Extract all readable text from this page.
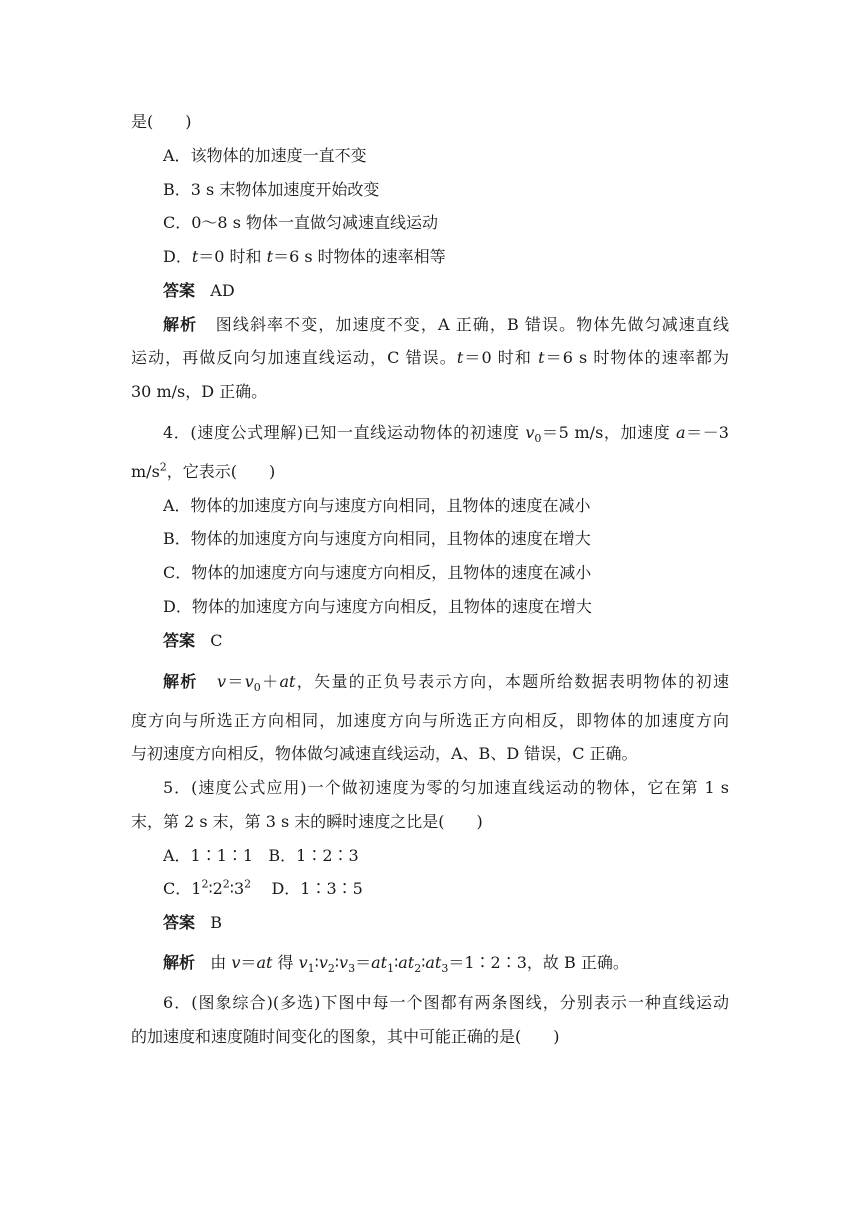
是(　　)
A．该物体的加速度一直不变
B．3 s 末物体加速度开始改变
C．0～8 s 物体一直做匀减速直线运动
D．t＝0 时和 t＝6 s 时物体的速率相等
答案 AD
解析 图线斜率不变，加速度不变，A 正确，B 错误。物体先做匀减速直线
运动，再做反向匀加速直线运动，C 错误。t＝0 时和 t＝6 s 时物体的速率都为
30 m/s，D 正确。
4．(速度公式理解)已知一直线运动物体的初速度 $v_0=5$ m/s，加速度 a＝－3
$m/s^2$，它表示(　　)
A．物体的加速度方向与速度方向相同，且物体的速度在减小
B．物体的加速度方向与速度方向相同，且物体的速度在增大
C．物体的加速度方向与速度方向相反，且物体的速度在减小
D．物体的加速度方向与速度方向相反，且物体的速度在增大
答案 C
解析 $v=v_0+at$，矢量的正负号表示方向，本题所给数据表明物体的初速
度方向与所选正方向相同，加速度方向与所选正方向相反，即物体的加速度方向
与初速度方向相反，物体做匀减速直线运动，A、B、D 错误，C 正确。
5．(速度公式应用)一个做初速度为零的匀加速直线运动的物体，它在第 1 s
末，第 2 s 末，第 3 s 末的瞬时速度之比是(　　)
A．1∶1∶1 B．1∶2∶3
C．$1^2∶2^2∶3^2$ D．1∶3∶5
答案 B
解析 由 v＝at 得 $v_1∶v_2∶v_3=at_1∶at_2∶at_3=1∶2∶3$，故 B 正确。
6．(图象综合)(多选)下图中每一个图都有两条图线，分别表示一种直线运动
的加速度和速度随时间变化的图象，其中可能正确的是(　　)
